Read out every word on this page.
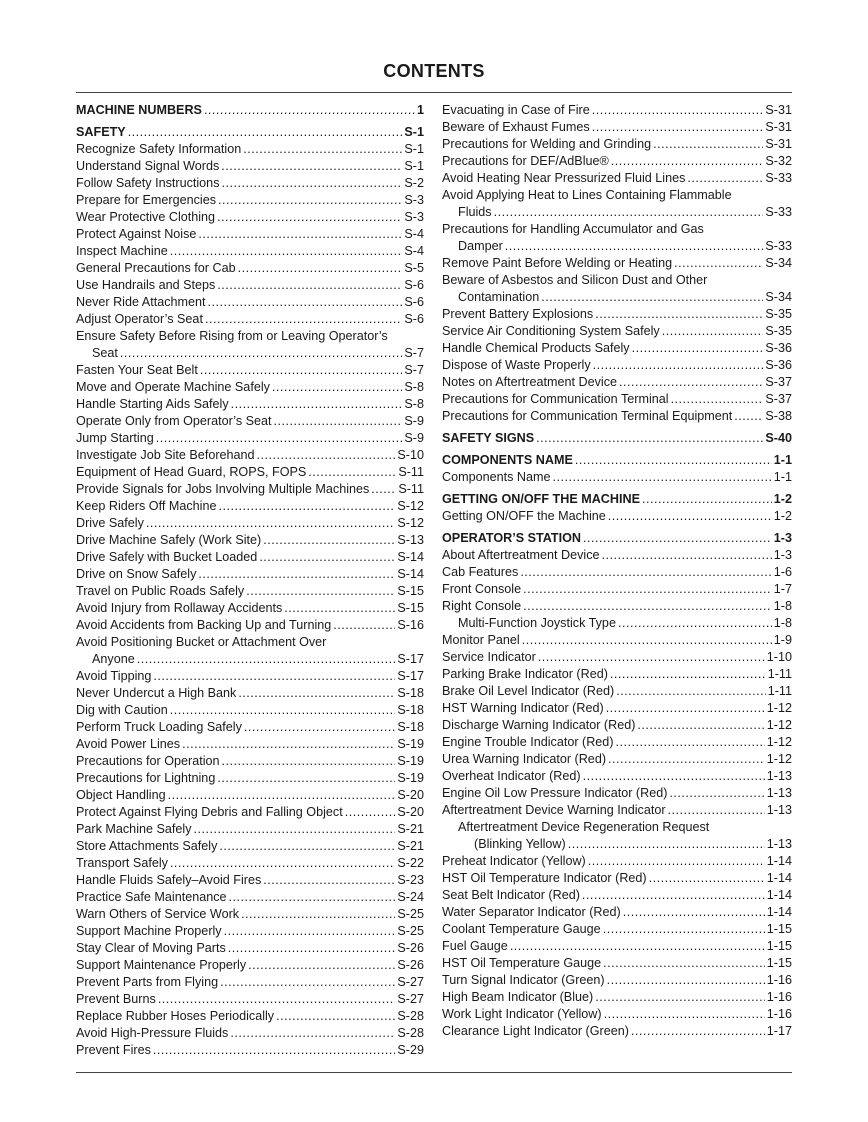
CONTENTS
MACHINE NUMBERS .....	1
SAFETY .....	S-1
Recognize Safety Information .....	S-1
Understand Signal Words .....	S-1
Follow Safety Instructions .....	S-2
Prepare for Emergencies .....	S-3
Wear Protective Clothing .....	S-3
Protect Against Noise .....	S-4
Inspect Machine .....	S-4
General Precautions for Cab .....	S-5
Use Handrails and Steps .....	S-6
Never Ride Attachment .....	S-6
Adjust Operator’s Seat .....	S-6
Ensure Safety Before Rising from or Leaving Operator’s
Seat .....	S-7
Fasten Your Seat Belt .....	S-7
Move and Operate Machine Safely .....	S-8
Handle Starting Aids Safely .....	S-8
Operate Only from Operator’s Seat .....	S-9
Jump Starting .....	S-9
Investigate Job Site Beforehand .....	S-10
Equipment of Head Guard, ROPS, FOPS .....	S-11
Provide Signals for Jobs Involving Multiple Machines ..... S-11
Keep Riders Off Machine .....	S-12
Drive Safely .....	S-12
Drive Machine Safely (Work Site) .....	S-13
Drive Safely with Bucket Loaded .....	S-14
Drive on Snow Safely .....	S-14
Travel on Public Roads Safely .....	S-15
Avoid Injury from Rollaway Accidents .....	S-15
Avoid Accidents from Backing Up and Turning .....	S-16
Avoid Positioning Bucket or Attachment Over
Anyone .....	S-17
Avoid Tipping .....	S-17
Never Undercut a High Bank .....	S-18
Dig with Caution .....	S-18
Perform Truck Loading Safely .....	S-18
Avoid Power Lines .....	S-19
Precautions for Operation .....	S-19
Precautions for Lightning .....	S-19
Object Handling .....	S-20
Protect Against Flying Debris and Falling Object .....	S-20
Park Machine Safely .....	S-21
Store Attachments Safely .....	S-21
Transport Safely .....	S-22
Handle Fluids Safely–Avoid Fires .....	S-23
Practice Safe Maintenance .....	S-24
Warn Others of Service Work .....	S-25
Support Machine Properly .....	S-25
Stay Clear of Moving Parts .....	S-26
Support Maintenance Properly .....	S-26
Prevent Parts from Flying .....	S-27
Prevent Burns .....	S-27
Replace Rubber Hoses Periodically .....	S-28
Avoid High-Pressure Fluids .....	S-28
Prevent Fires .....	S-29
Evacuating in Case of Fire .....	S-31
Beware of Exhaust Fumes .....	S-31
Precautions for Welding and Grinding .....	S-31
Precautions for DEF/AdBlue® .....	S-32
Avoid Heating Near Pressurized Fluid Lines .....	S-33
Avoid Applying Heat to Lines Containing Flammable
Fluids .....	S-33
Precautions for Handling Accumulator and Gas
Damper .....	S-33
Remove Paint Before Welding or Heating .....	S-34
Beware of Asbestos and Silicon Dust and Other
Contamination .....	S-34
Prevent Battery Explosions .....	S-35
Service Air Conditioning System Safely .....	S-35
Handle Chemical Products Safely .....	S-36
Dispose of Waste Properly .....	S-36
Notes on Aftertreatment Device .....	S-37
Precautions for Communication Terminal .....	S-37
Precautions for Communication Terminal Equipment .....	S-38
SAFETY SIGNS .....	S-40
COMPONENTS NAME .....	1-1
Components Name .....	1-1
GETTING ON/OFF THE MACHINE .....	1-2
Getting ON/OFF the Machine .....	1-2
OPERATOR’S STATION .....	1-3
About Aftertreatment Device .....	1-3
Cab Features .....	1-6
Front Console .....	1-7
Right Console .....	1-8
Multi-Function Joystick Type .....	1-8
Monitor Panel .....	1-9
Service Indicator .....	1-10
Parking Brake Indicator (Red) .....	1-11
Brake Oil Level Indicator (Red) .....	1-11
HST Warning Indicator (Red) .....	1-12
Discharge Warning Indicator (Red) .....	1-12
Engine Trouble Indicator (Red) .....	1-12
Urea Warning Indicator (Red) .....	1-12
Overheat Indicator (Red) .....	1-13
Engine Oil Low Pressure Indicator (Red) .....	1-13
Aftertreatment Device Warning Indicator .....	1-13
Aftertreatment Device Regeneration Request
(Blinking Yellow) .....	1-13
Preheat Indicator (Yellow) .....	1-14
HST Oil Temperature Indicator (Red) .....	1-14
Seat Belt Indicator (Red) .....	1-14
Water Separator Indicator (Red) .....	1-14
Coolant Temperature Gauge .....	1-15
Fuel Gauge .....	1-15
HST Oil Temperature Gauge .....	1-15
Turn Signal Indicator (Green) .....	1-16
High Beam Indicator (Blue) .....	1-16
Work Light Indicator (Yellow) .....	1-16
Clearance Light Indicator (Green) .....	1-17
